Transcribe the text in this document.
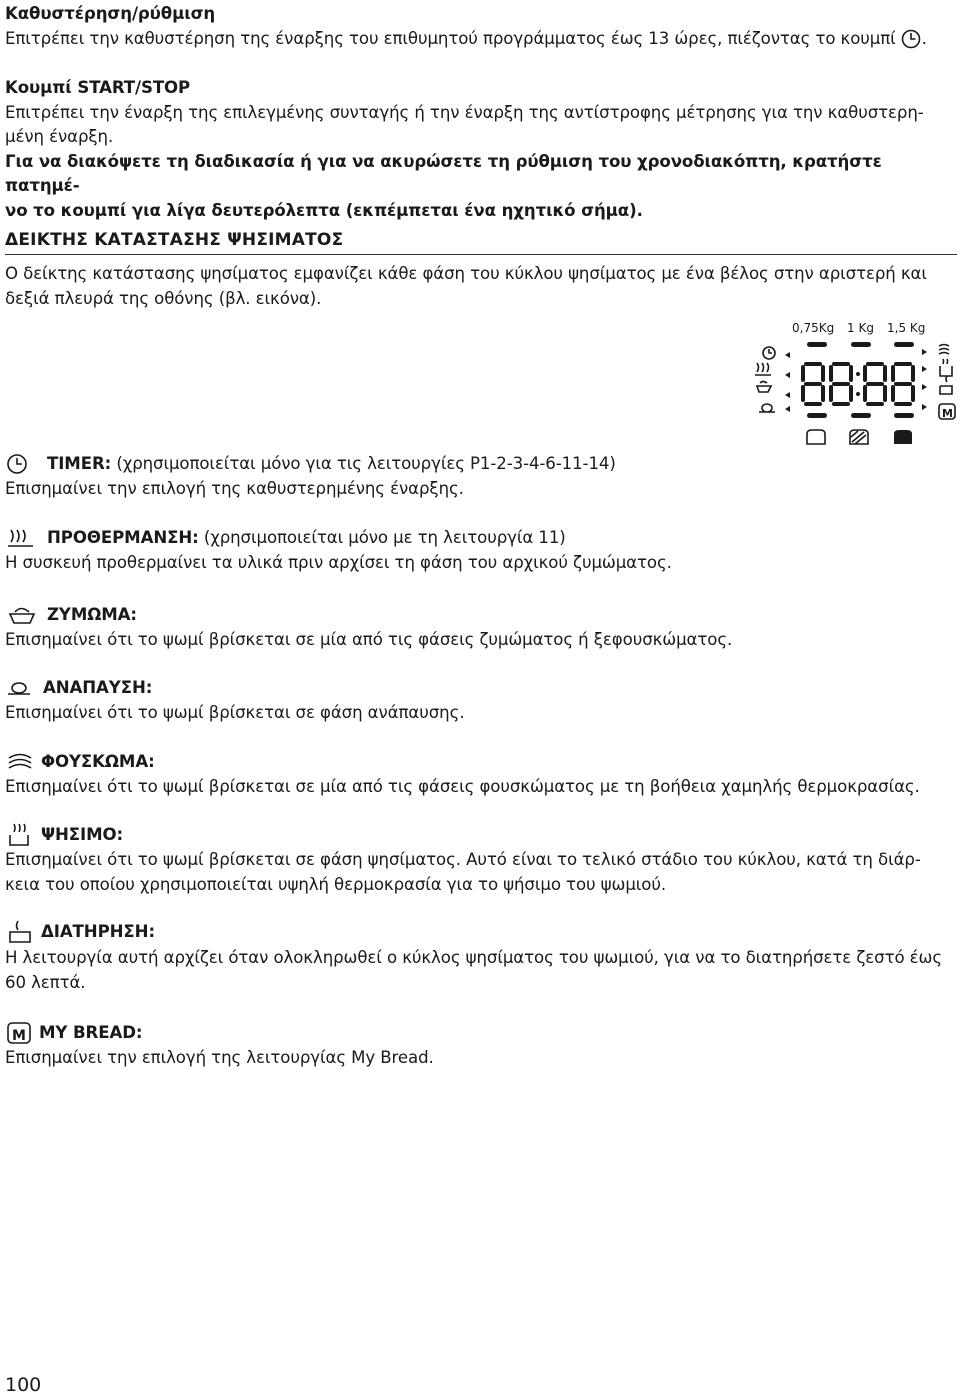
Καθυστέρηση/ρύθμιση

Επιτρέπει την καθυστέρηση της έναρξης του επιθυμητού προγράμματος έως 13 ώρες, πιέζοντας το κουμπί .

Κουμπί START/STOP

Επιτρέπει την έναρξη της επιλεγμένης συνταγής ή την έναρξη της αντίστροφης μέτρησης για την καθυστερη-

μένη έναρξη.

Για να διακόψετε τη διαδικασία ή για να ακυρώσετε τη ρύθμιση του χρονοδιακόπτη, κρατήστε πατημέ-

νο το κουμπί για λίγα δευτερόλεπτα (εκπέμπεται ένα ηχητικό σήμα).

ΔΕΙΚΤΗΣ ΚΑΤΑΣΤΑΣΗΣ ΨΗΣΙΜΑΤΟΣ

Ο δείκτης κατάστασης ψησίματος εμφανίζει κάθε φάση του κύκλου ψησίματος με ένα βέλος στην αριστερή και

δεξιά πλευρά της οθόνης (βλ. εικόνα).

0,75Kg 1 Kg 1,5 Kg
M

TIMER: (χρησιμοποιείται μόνο για τις λειτουργίες P1-2-3-4-6-11-14)

Επισημαίνει την επιλογή της καθυστερημένης έναρξης.

ΠΡΟΘΕΡΜΑΝΣΗ: (χρησιμοποιείται μόνο με τη λειτουργία 11)

Η συσκευή προθερμαίνει τα υλικά πριν αρχίσει τη φάση του αρχικού ζυμώματος.

ΖΥΜΩΜΑ:

Επισημαίνει ότι το ψωμί βρίσκεται σε μία από τις φάσεις ζυμώματος ή ξεφουσκώματος.

ΑΝΑΠΑΥΣΗ:

Επισημαίνει ότι το ψωμί βρίσκεται σε φάση ανάπαυσης.

ΦΟΥΣΚΩΜΑ:

Επισημαίνει ότι το ψωμί βρίσκεται σε μία από τις φάσεις φουσκώματος με τη βοήθεια χαμηλής θερμοκρασίας.

ΨΗΣΙΜΟ:

Επισημαίνει ότι το ψωμί βρίσκεται σε φάση ψησίματος. Αυτό είναι το τελικό στάδιο του κύκλου, κατά τη διάρ-

κεια του οποίου χρησιμοποιείται υψηλή θερμοκρασία για το ψήσιμο του ψωμιού.

ΔΙΑΤΗΡΗΣΗ:

Η λειτουργία αυτή αρχίζει όταν ολοκληρωθεί ο κύκλος ψησίματος του ψωμιού, για να το διατηρήσετε ζεστό έως

60 λεπτά.

M MY BREAD:

Επισημαίνει την επιλογή της λειτουργίας My Bread.

100
